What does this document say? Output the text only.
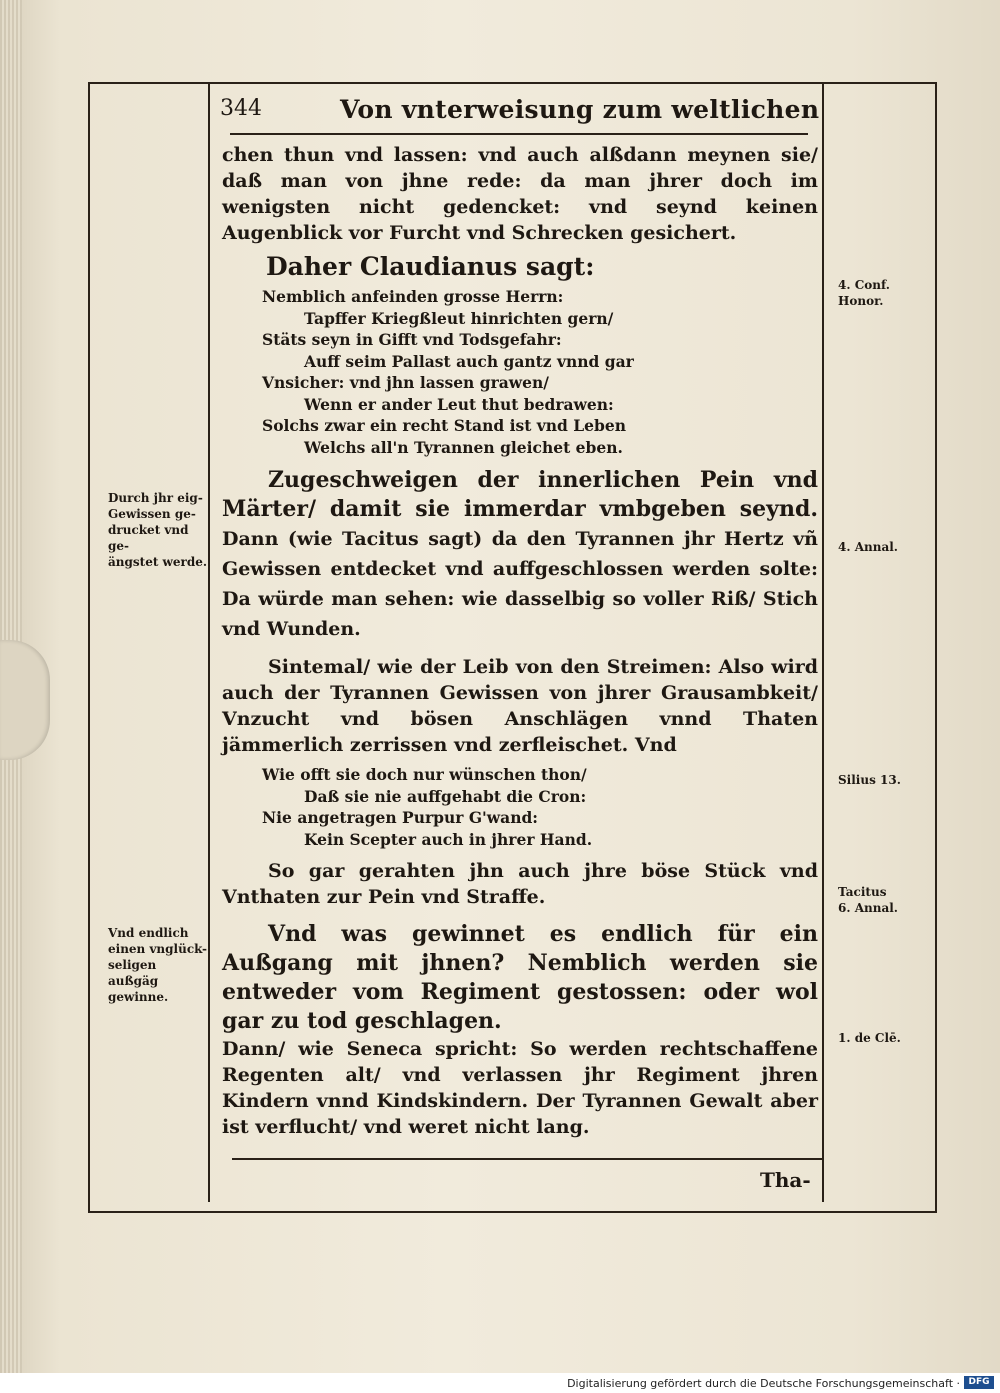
344	Von vnterweisung zum weltlichen

chen thun vnd lassen: vnd auch alßdann meynen sie/ daß man von jhne rede: da man jhrer doch im wenigsten nicht gedencket: vnd seynd keinen Augenblick vor Furcht vnd Schrecken gesichert.

Daher Claudianus sagt:
Nemblich anfeinden grosse Herrn:
Tapffer Kriegßleut hinrichten gern/
Stäts seyn in Gifft vnd Todsgefahr:
Auff seim Pallast auch gantz vnnd gar
Vnsicher: vnd jhn lassen grawen/
Wenn er ander Leut thut bedrawen:
Solchs zwar ein recht Stand ist vnd Leben
Welchs all'n Tyrannen gleichet eben.

Zugeschweigen der innerlichen Pein vnd Märter/ damit sie immerdar vmbgeben seynd. Dann (wie Tacitus sagt) da den Tyrannen jhr Hertz vñ Gewissen entdecket vnd auffgeschlossen werden solte: Da würde man sehen: wie dasselbig so voller Riß/ Stich vnd Wunden.

Sintemal/ wie der Leib von den Streimen: Also wird auch der Tyrannen Gewissen von jhrer Grausambkeit/ Vnzucht vnd bösen Anschlägen vnnd Thaten jämmerlich zerrissen vnd zerfleischet. Vnd

Wie offt sie doch nur wünschen thon/
Daß sie nie auffgehabt die Cron:
Nie angetragen Purpur G'wand:
Kein Scepter auch in jhrer Hand.

So gar gerahten jhn auch jhre böse Stück vnd Vnthaten zur Pein vnd Straffe.

Vnd was gewinnet es endlich für ein Außgang mit jhnen? Nemblich werden sie entweder vom Regiment gestossen: oder wol gar zu tod geschlagen.

Dann/ wie Seneca spricht: So werden rechtschaffene Regenten alt/ vnd verlassen jhr Regiment jhren Kindern vnnd Kindskindern. Der Tyrannen Gewalt aber ist verflucht/ vnd weret nicht lang.

Durch jhr eig-
Gewissen ge-
drucket vnd ge-
ängstet werde.
Vnd endlich
einen vnglück-
seligen außgäg
gewinne.
4. Conf.
Honor.
4. Annal.
Silius 13.
Tacitus
6. Annal.
1. de Clē.
Tha-
Digitalisierung gefördert durch die Deutsche Forschungsgemeinschaft · DFG
